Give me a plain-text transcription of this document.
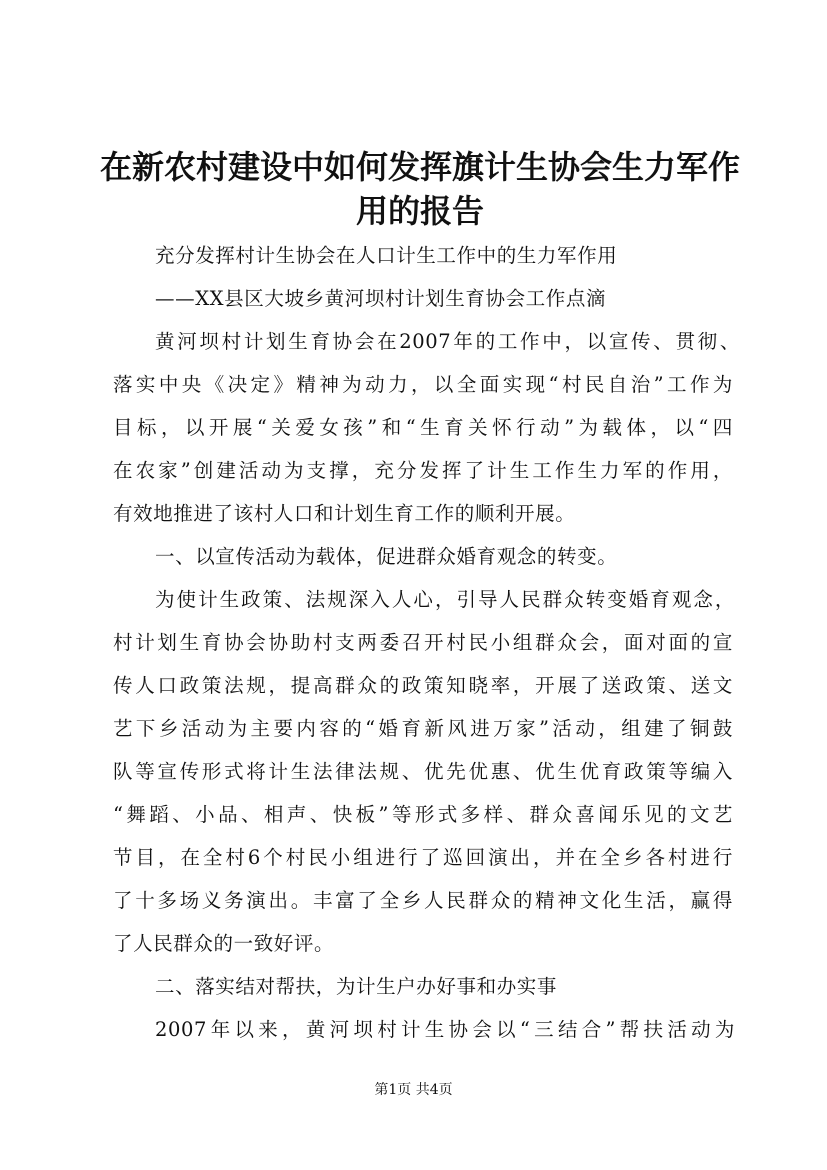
在新农村建设中如何发挥旗计生协会生力军作
用的报告
充分发挥村计生协会在人口计生工作中的生力军作用
——XX县区大坡乡黄河坝村计划生育协会工作点滴
黄河坝村计划生育协会在2007年的工作中，以宣传、贯彻、
落实中央《决定》精神为动力，以全面实现“村民自治”工作为
目标，以开展“关爱女孩”和“生育关怀行动”为载体，以“四
在农家”创建活动为支撑，充分发挥了计生工作生力军的作用，
有效地推进了该村人口和计划生育工作的顺利开展。
一、以宣传活动为载体，促进群众婚育观念的转变。
为使计生政策、法规深入人心，引导人民群众转变婚育观念，
村计划生育协会协助村支两委召开村民小组群众会，面对面的宣
传人口政策法规，提高群众的政策知晓率，开展了送政策、送文
艺下乡活动为主要内容的“婚育新风进万家”活动，组建了铜鼓
队等宣传形式将计生法律法规、优先优惠、优生优育政策等编入
“舞蹈、小品、相声、快板”等形式多样、群众喜闻乐见的文艺
节目，在全村6个村民小组进行了巡回演出，并在全乡各村进行
了十多场义务演出。丰富了全乡人民群众的精神文化生活，赢得
了人民群众的一致好评。
二、落实结对帮扶，为计生户办好事和办实事
2007年以来，黄河坝村计生协会以“三结合”帮扶活动为
第1页 共4页
